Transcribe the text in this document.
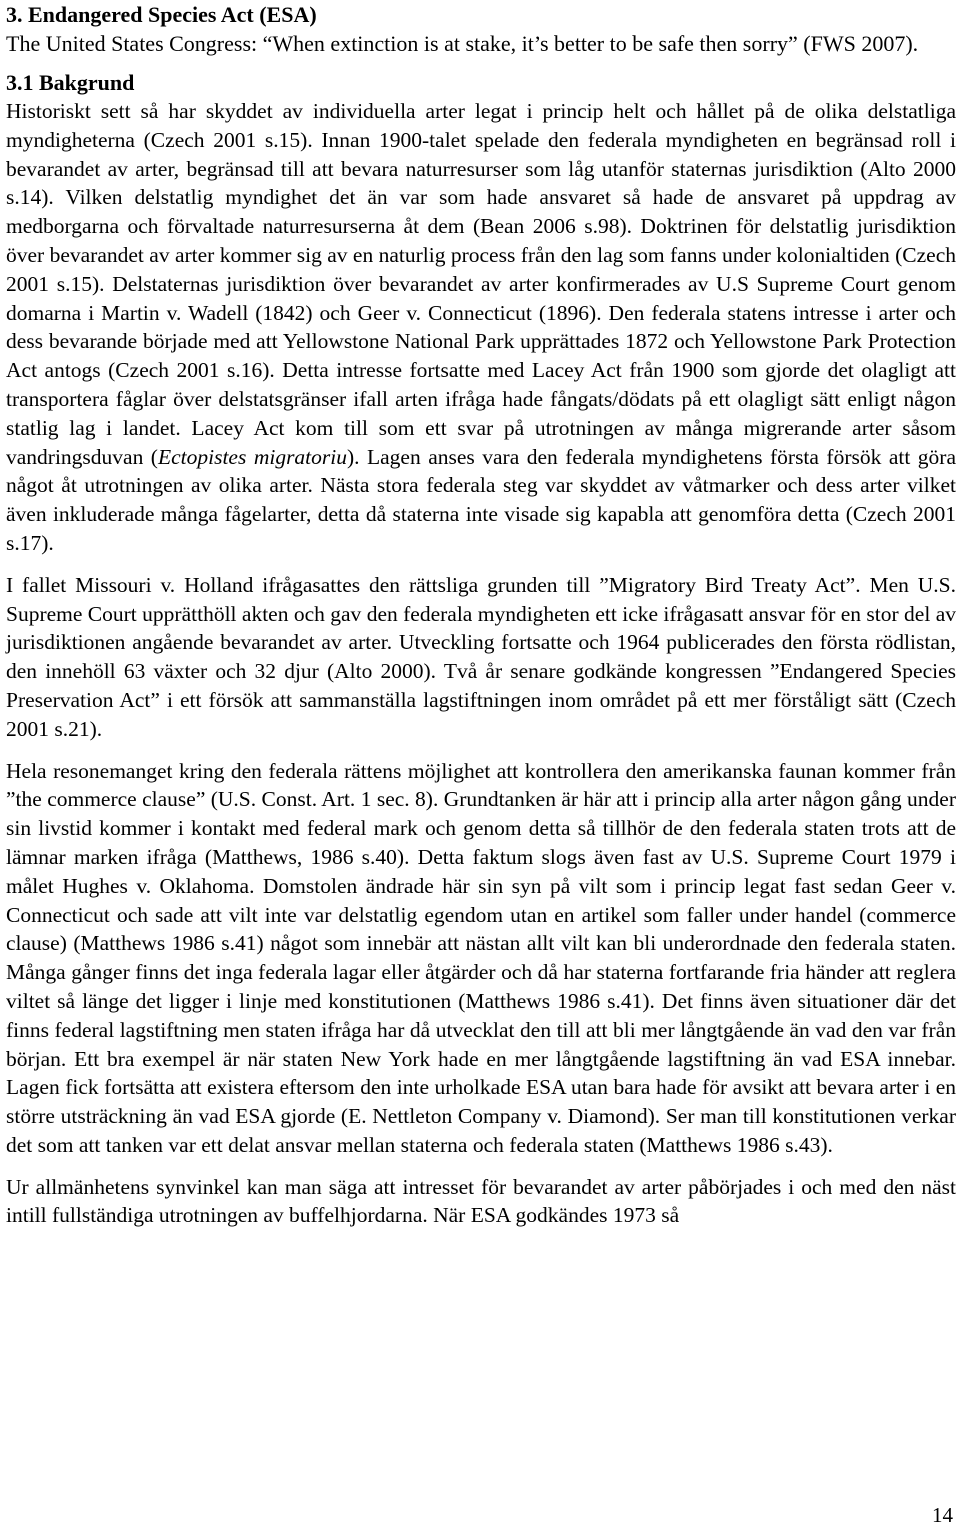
3. Endangered Species Act (ESA)

The United States Congress: “When extinction is at stake, it’s better to be safe then sorry” (FWS 2007).

3.1 Bakgrund

Historiskt sett så har skyddet av individuella arter legat i princip helt och hållet på de olika delstatliga myndigheterna (Czech 2001 s.15). Innan 1900-talet spelade den federala myndigheten en begränsad roll i bevarandet av arter, begränsad till att bevara naturresurser som låg utanför staternas jurisdiktion (Alto 2000 s.14). Vilken delstatlig myndighet det än var som hade ansvaret så hade de ansvaret på uppdrag av medborgarna och förvaltade naturresurserna åt dem (Bean 2006 s.98). Doktrinen för delstatlig jurisdiktion över bevarandet av arter kommer sig av en naturlig process från den lag som fanns under kolonialtiden (Czech 2001 s.15). Delstaternas jurisdiktion över bevarandet av arter konfirmerades av U.S Supreme Court genom domarna i Martin v. Wadell (1842) och Geer v. Connecticut (1896). Den federala statens intresse i arter och dess bevarande började med att Yellowstone National Park upprättades 1872 och Yellowstone Park Protection Act antogs (Czech 2001 s.16). Detta intresse fortsatte med Lacey Act från 1900 som gjorde det olagligt att transportera fåglar över delstatsgränser ifall arten ifråga hade fångats/dödats på ett olagligt sätt enligt någon statlig lag i landet. Lacey Act kom till som ett svar på utrotningen av många migrerande arter såsom vandringsduvan (Ectopistes migratoriu). Lagen anses vara den federala myndighetens första försök att göra något åt utrotningen av olika arter. Nästa stora federala steg var skyddet av våtmarker och dess arter vilket även inkluderade många fågelarter, detta då staterna inte visade sig kapabla att genomföra detta (Czech 2001 s.17).

I fallet Missouri v. Holland ifrågasattes den rättsliga grunden till ”Migratory Bird Treaty Act”. Men U.S. Supreme Court upprätthöll akten och gav den federala myndigheten ett icke ifrågasatt ansvar för en stor del av jurisdiktionen angående bevarandet av arter. Utveckling fortsatte och 1964 publicerades den första rödlistan, den innehöll 63 växter och 32 djur (Alto 2000). Två år senare godkände kongressen ”Endangered Species Preservation Act” i ett försök att sammanställa lagstiftningen inom området på ett mer förståligt sätt (Czech 2001 s.21).

Hela resonemanget kring den federala rättens möjlighet att kontrollera den amerikanska faunan kommer från ”the commerce clause” (U.S. Const. Art. 1 sec. 8). Grundtanken är här att i princip alla arter någon gång under sin livstid kommer i kontakt med federal mark och genom detta så tillhör de den federala staten trots att de lämnar marken ifråga (Matthews, 1986 s.40). Detta faktum slogs även fast av U.S. Supreme Court 1979 i målet Hughes v. Oklahoma. Domstolen ändrade här sin syn på vilt som i princip legat fast sedan Geer v. Connecticut och sade att vilt inte var delstatlig egendom utan en artikel som faller under handel (commerce clause) (Matthews 1986 s.41) något som innebär att nästan allt vilt kan bli underordnade den federala staten. Många gånger finns det inga federala lagar eller åtgärder och då har staterna fortfarande fria händer att reglera viltet så länge det ligger i linje med konstitutionen (Matthews 1986 s.41). Det finns även situationer där det finns federal lagstiftning men staten ifråga har då utvecklat den till att bli mer långtgående än vad den var från början. Ett bra exempel är när staten New York hade en mer långtgående lagstiftning än vad ESA innebar. Lagen fick fortsätta att existera eftersom den inte urholkade ESA utan bara hade för avsikt att bevara arter i en större utsträckning än vad ESA gjorde (E. Nettleton Company v. Diamond). Ser man till konstitutionen verkar det som att tanken var ett delat ansvar mellan staterna och federala staten (Matthews 1986 s.43).

Ur allmänhetens synvinkel kan man säga att intresset för bevarandet av arter påbörjades i och med den näst intill fullständiga utrotningen av buffelhjordarna. När ESA godkändes 1973 så

14
